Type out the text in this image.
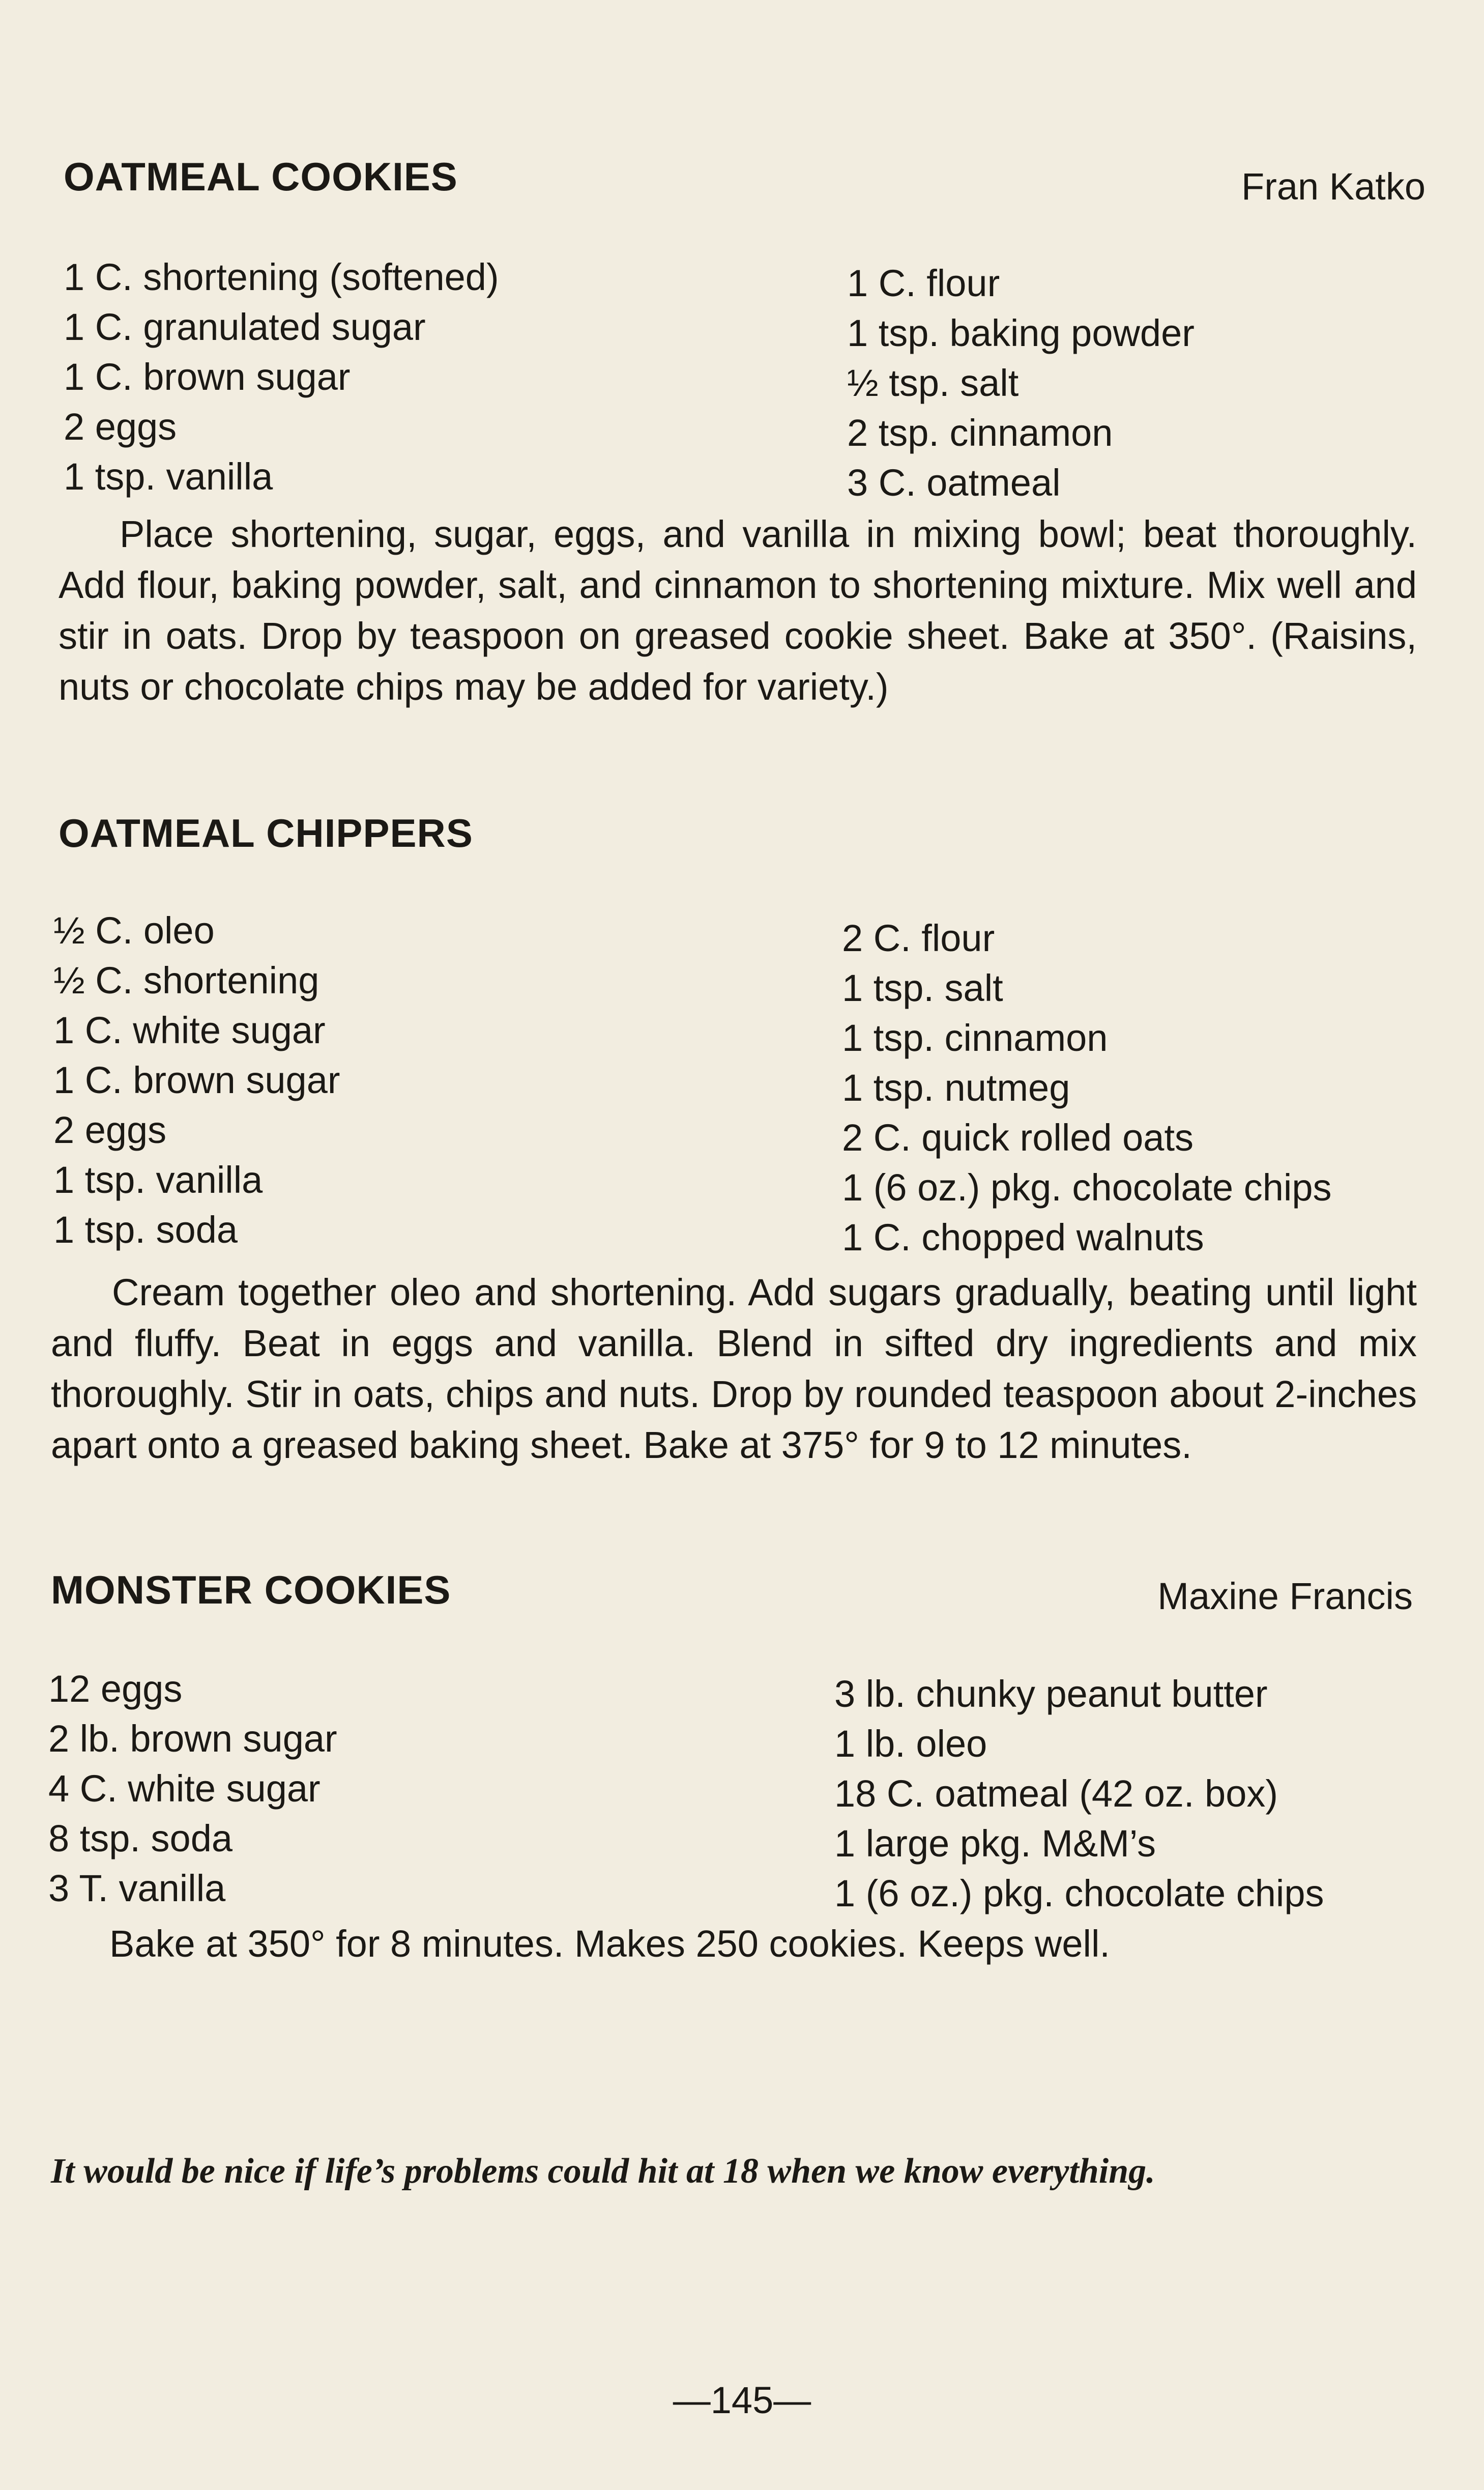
OATMEAL COOKIES	Fran Katko
1 C. shortening (softened)
1 C. granulated sugar
1 C. brown sugar
2 eggs
1 tsp. vanilla
1 C. flour
1 tsp. baking powder
½ tsp. salt
2 tsp. cinnamon
3 C. oatmeal

Place shortening, sugar, eggs, and vanilla in mixing bowl; beat thoroughly. Add flour, baking powder, salt, and cinnamon to shortening mixture. Mix well and stir in oats. Drop by teaspoon on greased cookie sheet. Bake at 350°. (Raisins, nuts or chocolate chips may be added for variety.)

OATMEAL CHIPPERS
½ C. oleo
½ C. shortening
1 C. white sugar
1 C. brown sugar
2 eggs
1 tsp. vanilla
1 tsp. soda
2 C. flour
1 tsp. salt
1 tsp. cinnamon
1 tsp. nutmeg
2 C. quick rolled oats
1 (6 oz.) pkg. chocolate chips
1 C. chopped walnuts

Cream together oleo and shortening. Add sugars gradually, beating until light and fluffy. Beat in eggs and vanilla. Blend in sifted dry ingredients and mix thoroughly. Stir in oats, chips and nuts. Drop by rounded teaspoon about 2-inches apart onto a greased baking sheet. Bake at 375° for 9 to 12 minutes.

MONSTER COOKIES	Maxine Francis
12 eggs
2 lb. brown sugar
4 C. white sugar
8 tsp. soda
3 T. vanilla
3 lb. chunky peanut butter
1 lb. oleo
18 C. oatmeal (42 oz. box)
1 large pkg. M&M’s
1 (6 oz.) pkg. chocolate chips

Bake at 350° for 8 minutes. Makes 250 cookies. Keeps well.

It would be nice if life’s problems could hit at 18 when we know everything.
—145—
